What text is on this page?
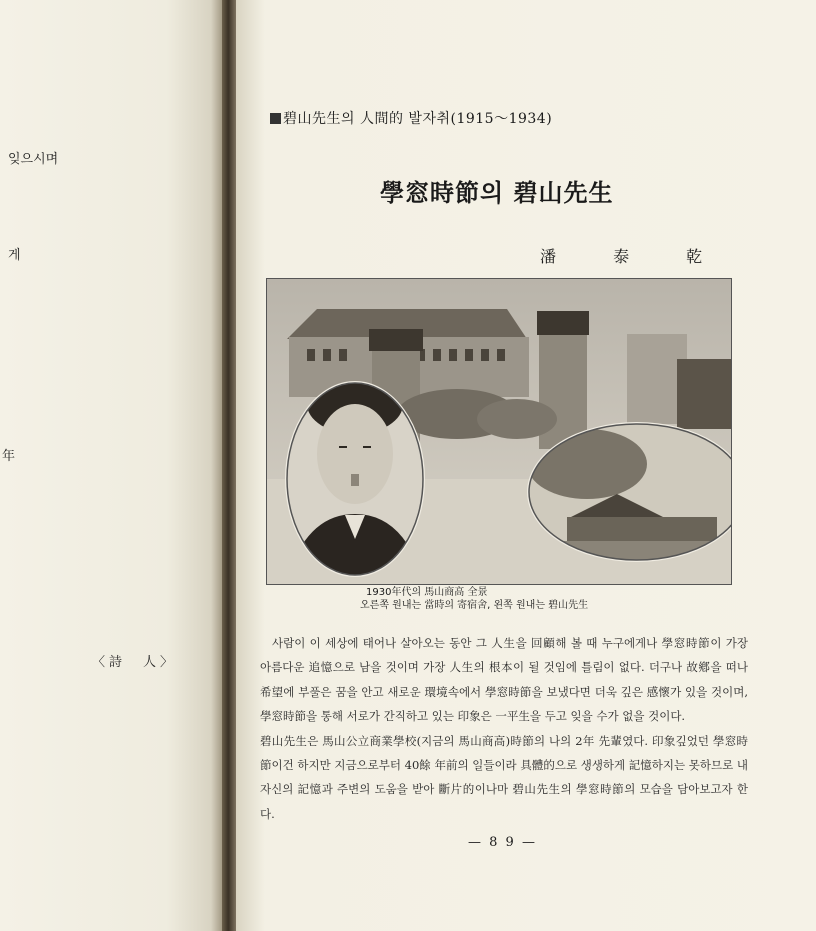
잊으시며
게
年
〈詩　人〉
碧山先生의 人間的 발자취(1915～1934)
學窓時節의 碧山先生
潘 泰 乾
1930年代의 馬山商高 全景
오른쪽 원내는 當時의 寄宿舍, 왼쪽 원내는 碧山先生

사람이 이 세상에 태어나 살아오는 동안 그 人生을 回顧해 볼 때 누구에게나 學窓時節이 가장 아름다운 追憶으로 남을 것이며 가장 人生의 根本이 될 것임에 틀림이 없다. 더구나 故鄕을 떠나 希望에 부풀은 꿈을 안고 새로운 環境속에서 學窓時節을 보냈다면 더욱 깊은 感懷가 있을 것이며, 學窓時節을 통해 서로가 간직하고 있는 印象은 一平生을 두고 잊을 수가 없을 것이다.

碧山先生은 馬山公立商業學校(지금의 馬山商高)時節의 나의 2年 先輩였다. 印象깊었던 學窓時節이건 하지만 지금으로부터 40餘 年前의 일들이라 具體的으로 생생하게 記憶하지는 못하므로 내자신의 記憶과 주변의 도움을 받아 斷片的이나마 碧山先生의 學窓時節의 모습을 담아보고자 한다.

— 8 9 —
